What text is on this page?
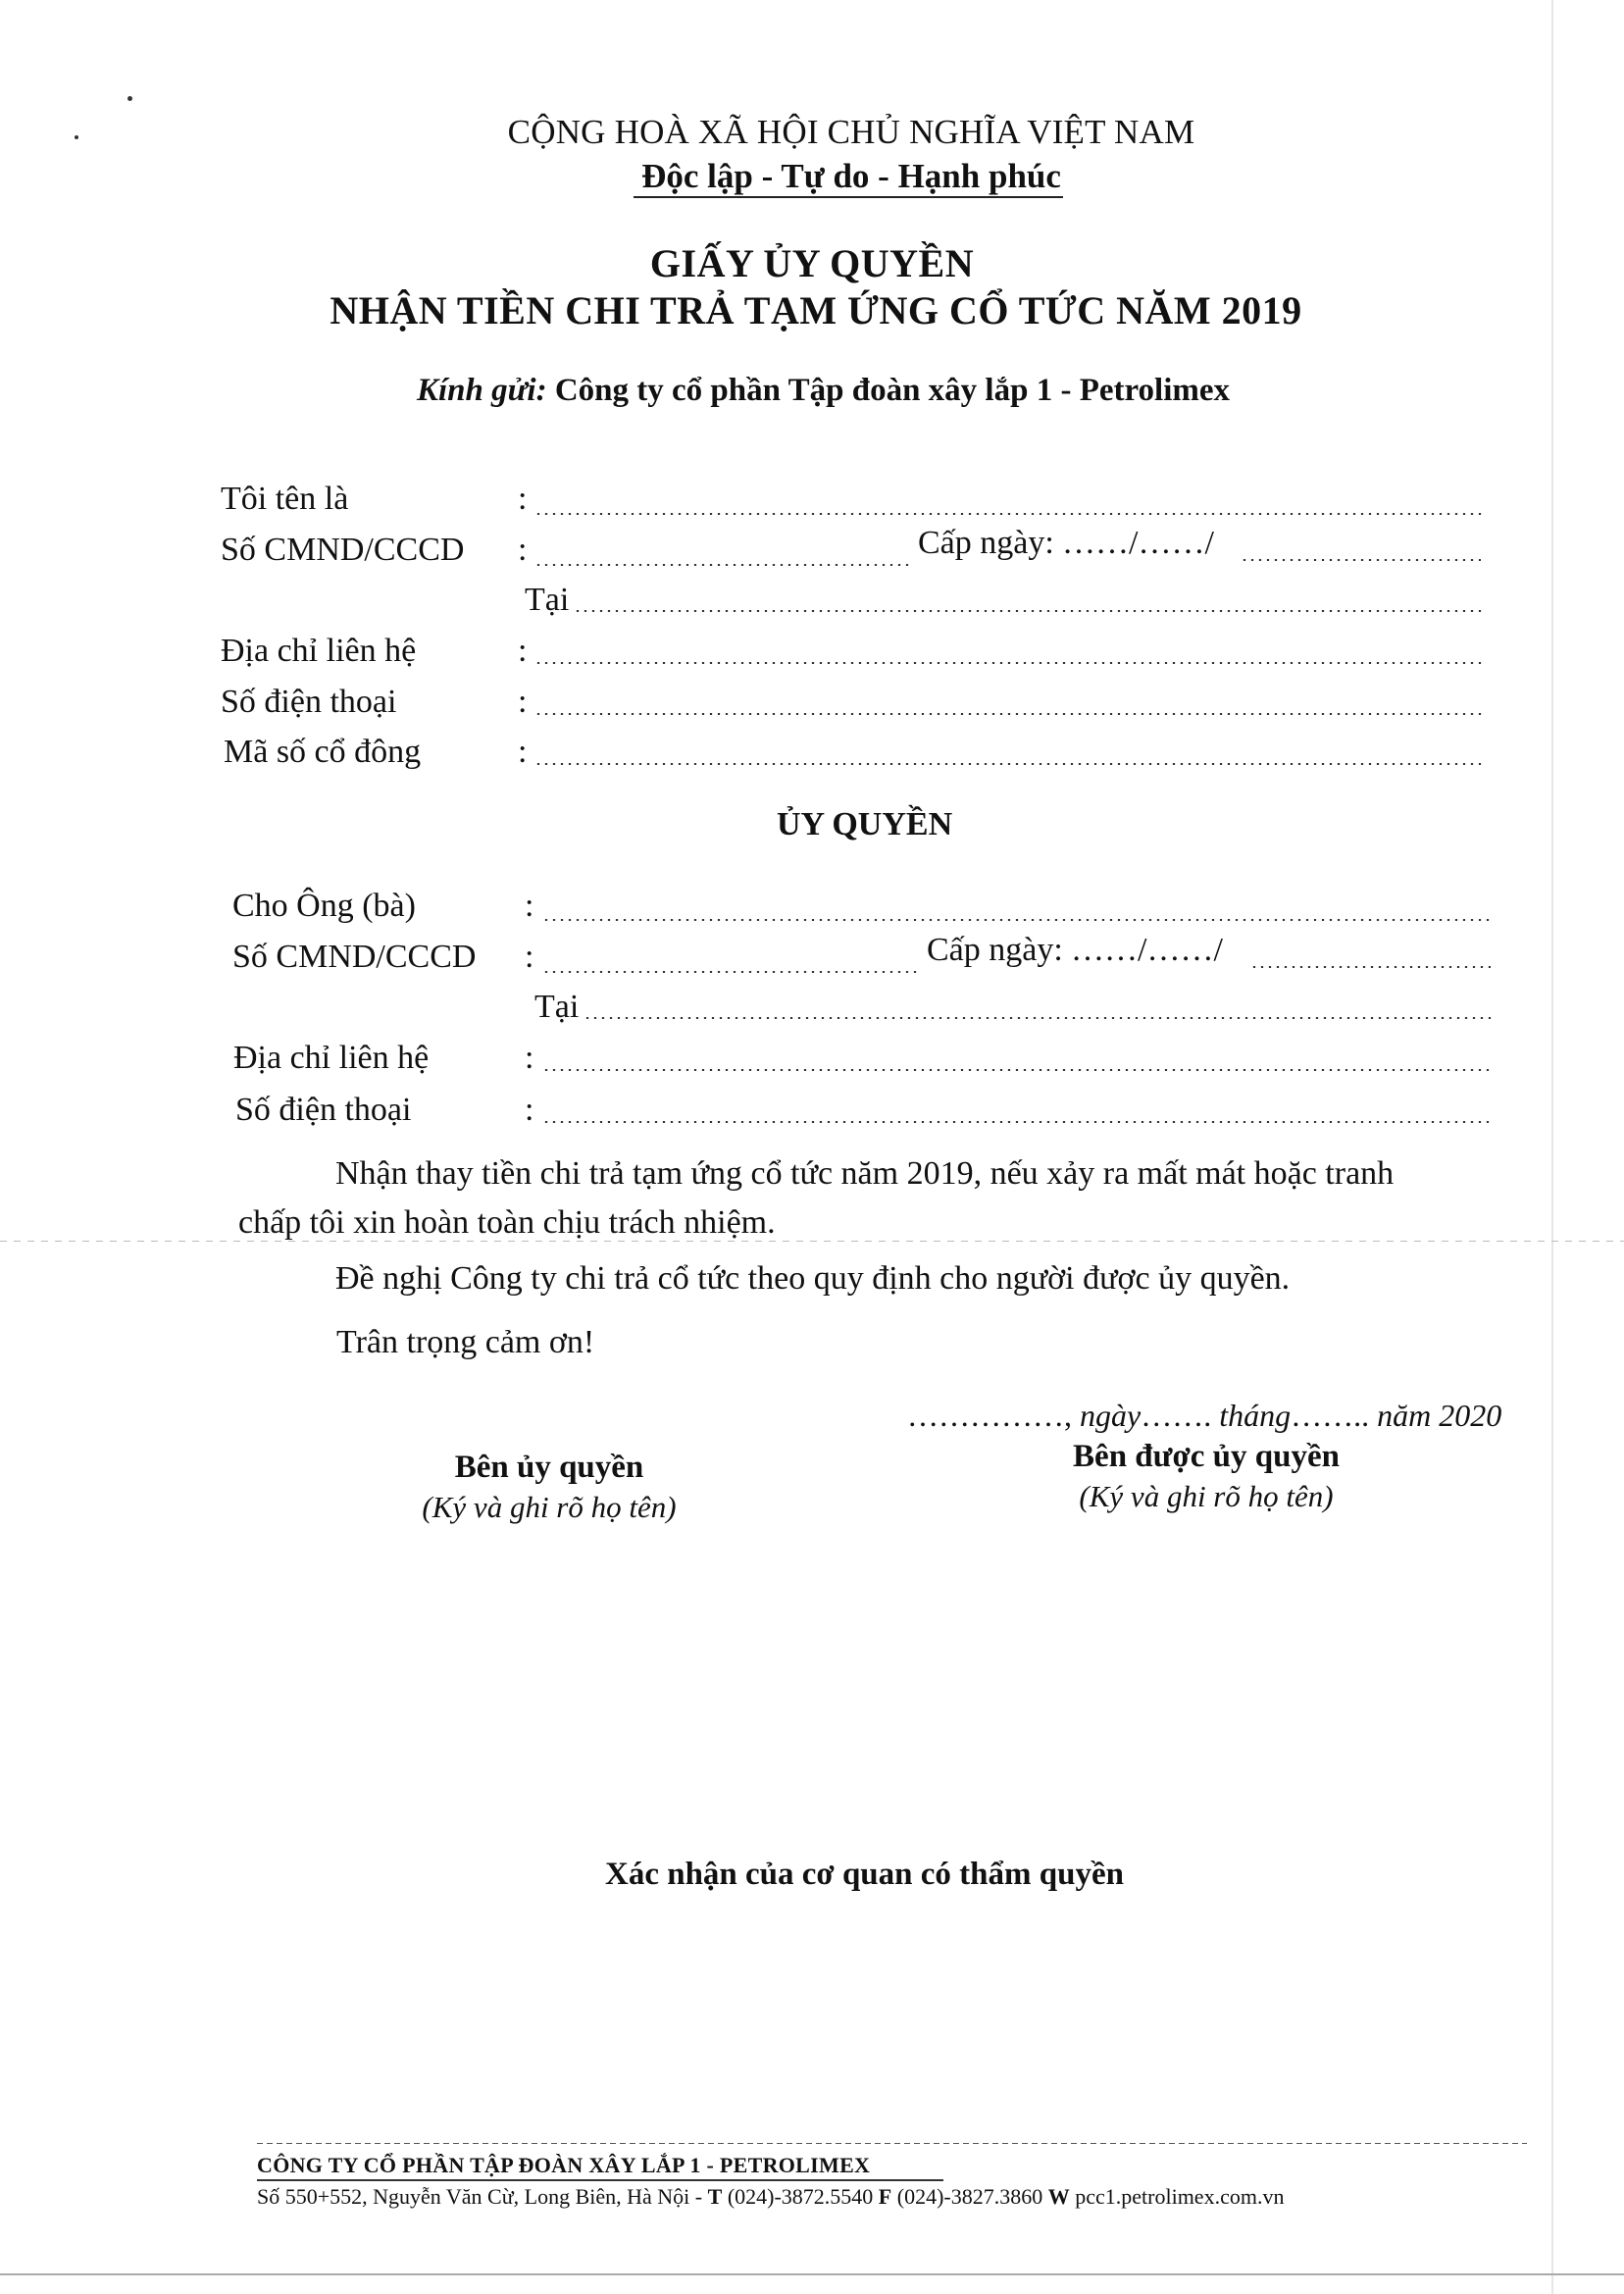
CỘNG HOÀ XÃ HỘI CHỦ NGHĨA VIỆT NAM
Độc lập - Tự do - Hạnh phúc
GIẤY ỦY QUYỀN
NHẬN TIỀN CHI TRẢ TẠM ỨNG CỔ TỨC NĂM 2019
Kính gửi: Công ty cổ phần Tập đoàn xây lắp 1 - Petrolimex
Tôi tên là	:
Số CMND/CCCD :	Cấp ngày: ……/……/
Tại
Địa chỉ liên hệ	:
Số điện thoại	:
Mã số cổ đông	:
ỦY QUYỀN
Cho Ông (bà)	:
Số CMND/CCCD :	Cấp ngày: ……/……/
Tại
Địa chỉ liên hệ	:
Số điện thoại	:
Nhận thay tiền chi trả tạm ứng cổ tức năm 2019, nếu xảy ra mất mát hoặc tranh
chấp tôi xin hoàn toàn chịu trách nhiệm.
Đề nghị Công ty chi trả cổ tức theo quy định cho người được ủy quyền.
Trân trọng cảm ơn!
……………, ngày……. tháng…….. năm 2020
Bên ủy quyền
(Ký và ghi rõ họ tên)
Bên được ủy quyền
(Ký và ghi rõ họ tên)
Xác nhận của cơ quan có thẩm quyền
CÔNG TY CỔ PHẦN TẬP ĐOÀN XÂY LẮP 1 - PETROLIMEX
Số 550+552, Nguyễn Văn Cừ, Long Biên, Hà Nội - T (024)-3872.5540 F (024)-3827.3860 W pcc1.petrolimex.com.vn
